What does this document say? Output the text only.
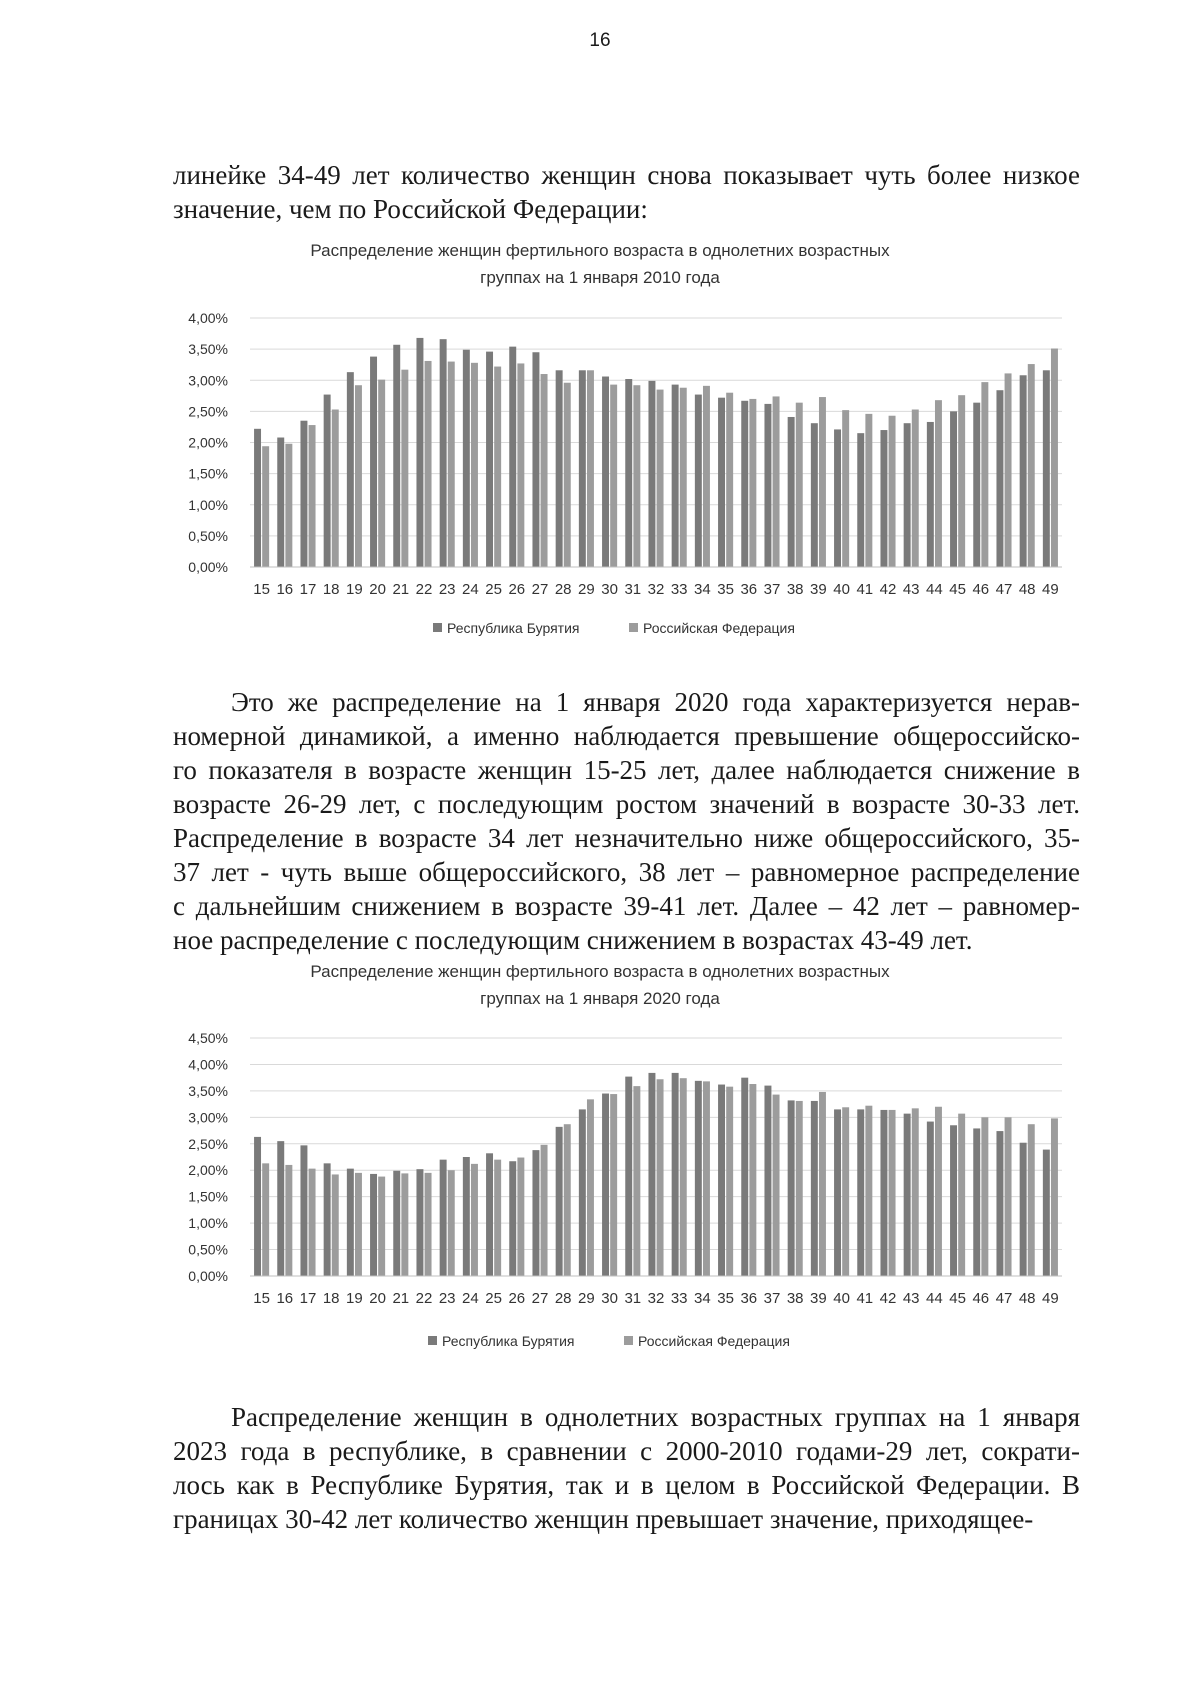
16
линейке 34-49 лет количество женщин снова показывает чуть более низкое
значение, чем по Российской Федерации:
Распределение женщин фертильного возраста в однолетних возрастных
группах на 1 января 2010 года
0,00%
0,50%
1,00%
1,50%
2,00%
2,50%
3,00%
3,50%
4,00%
15 16 17 18 19 20 21 22 23 24 25 26 27 28 29 30 31 32 33 34 35 36 37 38 39 40 41 42 43 44 45 46 47 48 49
Республика Бурятия	Российская Федерация
Это же распределение на 1 января 2020 года характеризуется нерав-
номерной динамикой, а именно наблюдается превышение общероссийско-
го показателя в возрасте женщин 15-25 лет, далее наблюдается снижение в
возрасте 26-29 лет, с последующим ростом значений в возрасте 30-33 лет.
Распределение в возрасте 34 лет незначительно ниже общероссийского, 35-
37 лет - чуть выше общероссийского, 38 лет – равномерное распределение
с дальнейшим снижением в возрасте 39-41 лет. Далее – 42 лет – равномер-
ное распределение с последующим снижением в возрастах 43-49 лет.
Распределение женщин фертильного возраста в однолетних возрастных
группах на 1 января 2020 года
0,00%
0,50%
1,00%
1,50%
2,00%
2,50%
3,00%
3,50%
4,00%
4,50%
15 16 17 18 19 20 21 22 23 24 25 26 27 28 29 30 31 32 33 34 35 36 37 38 39 40 41 42 43 44 45 46 47 48 49
Республика Бурятия	Российская Федерация
Распределение женщин в однолетних возрастных группах на 1 января
2023 года в республике, в сравнении с 2000-2010 годами-29 лет, сократи-
лось как в Республике Бурятия, так и в целом в Российской Федерации. В
границах 30-42 лет количество женщин превышает значение, приходящее-
